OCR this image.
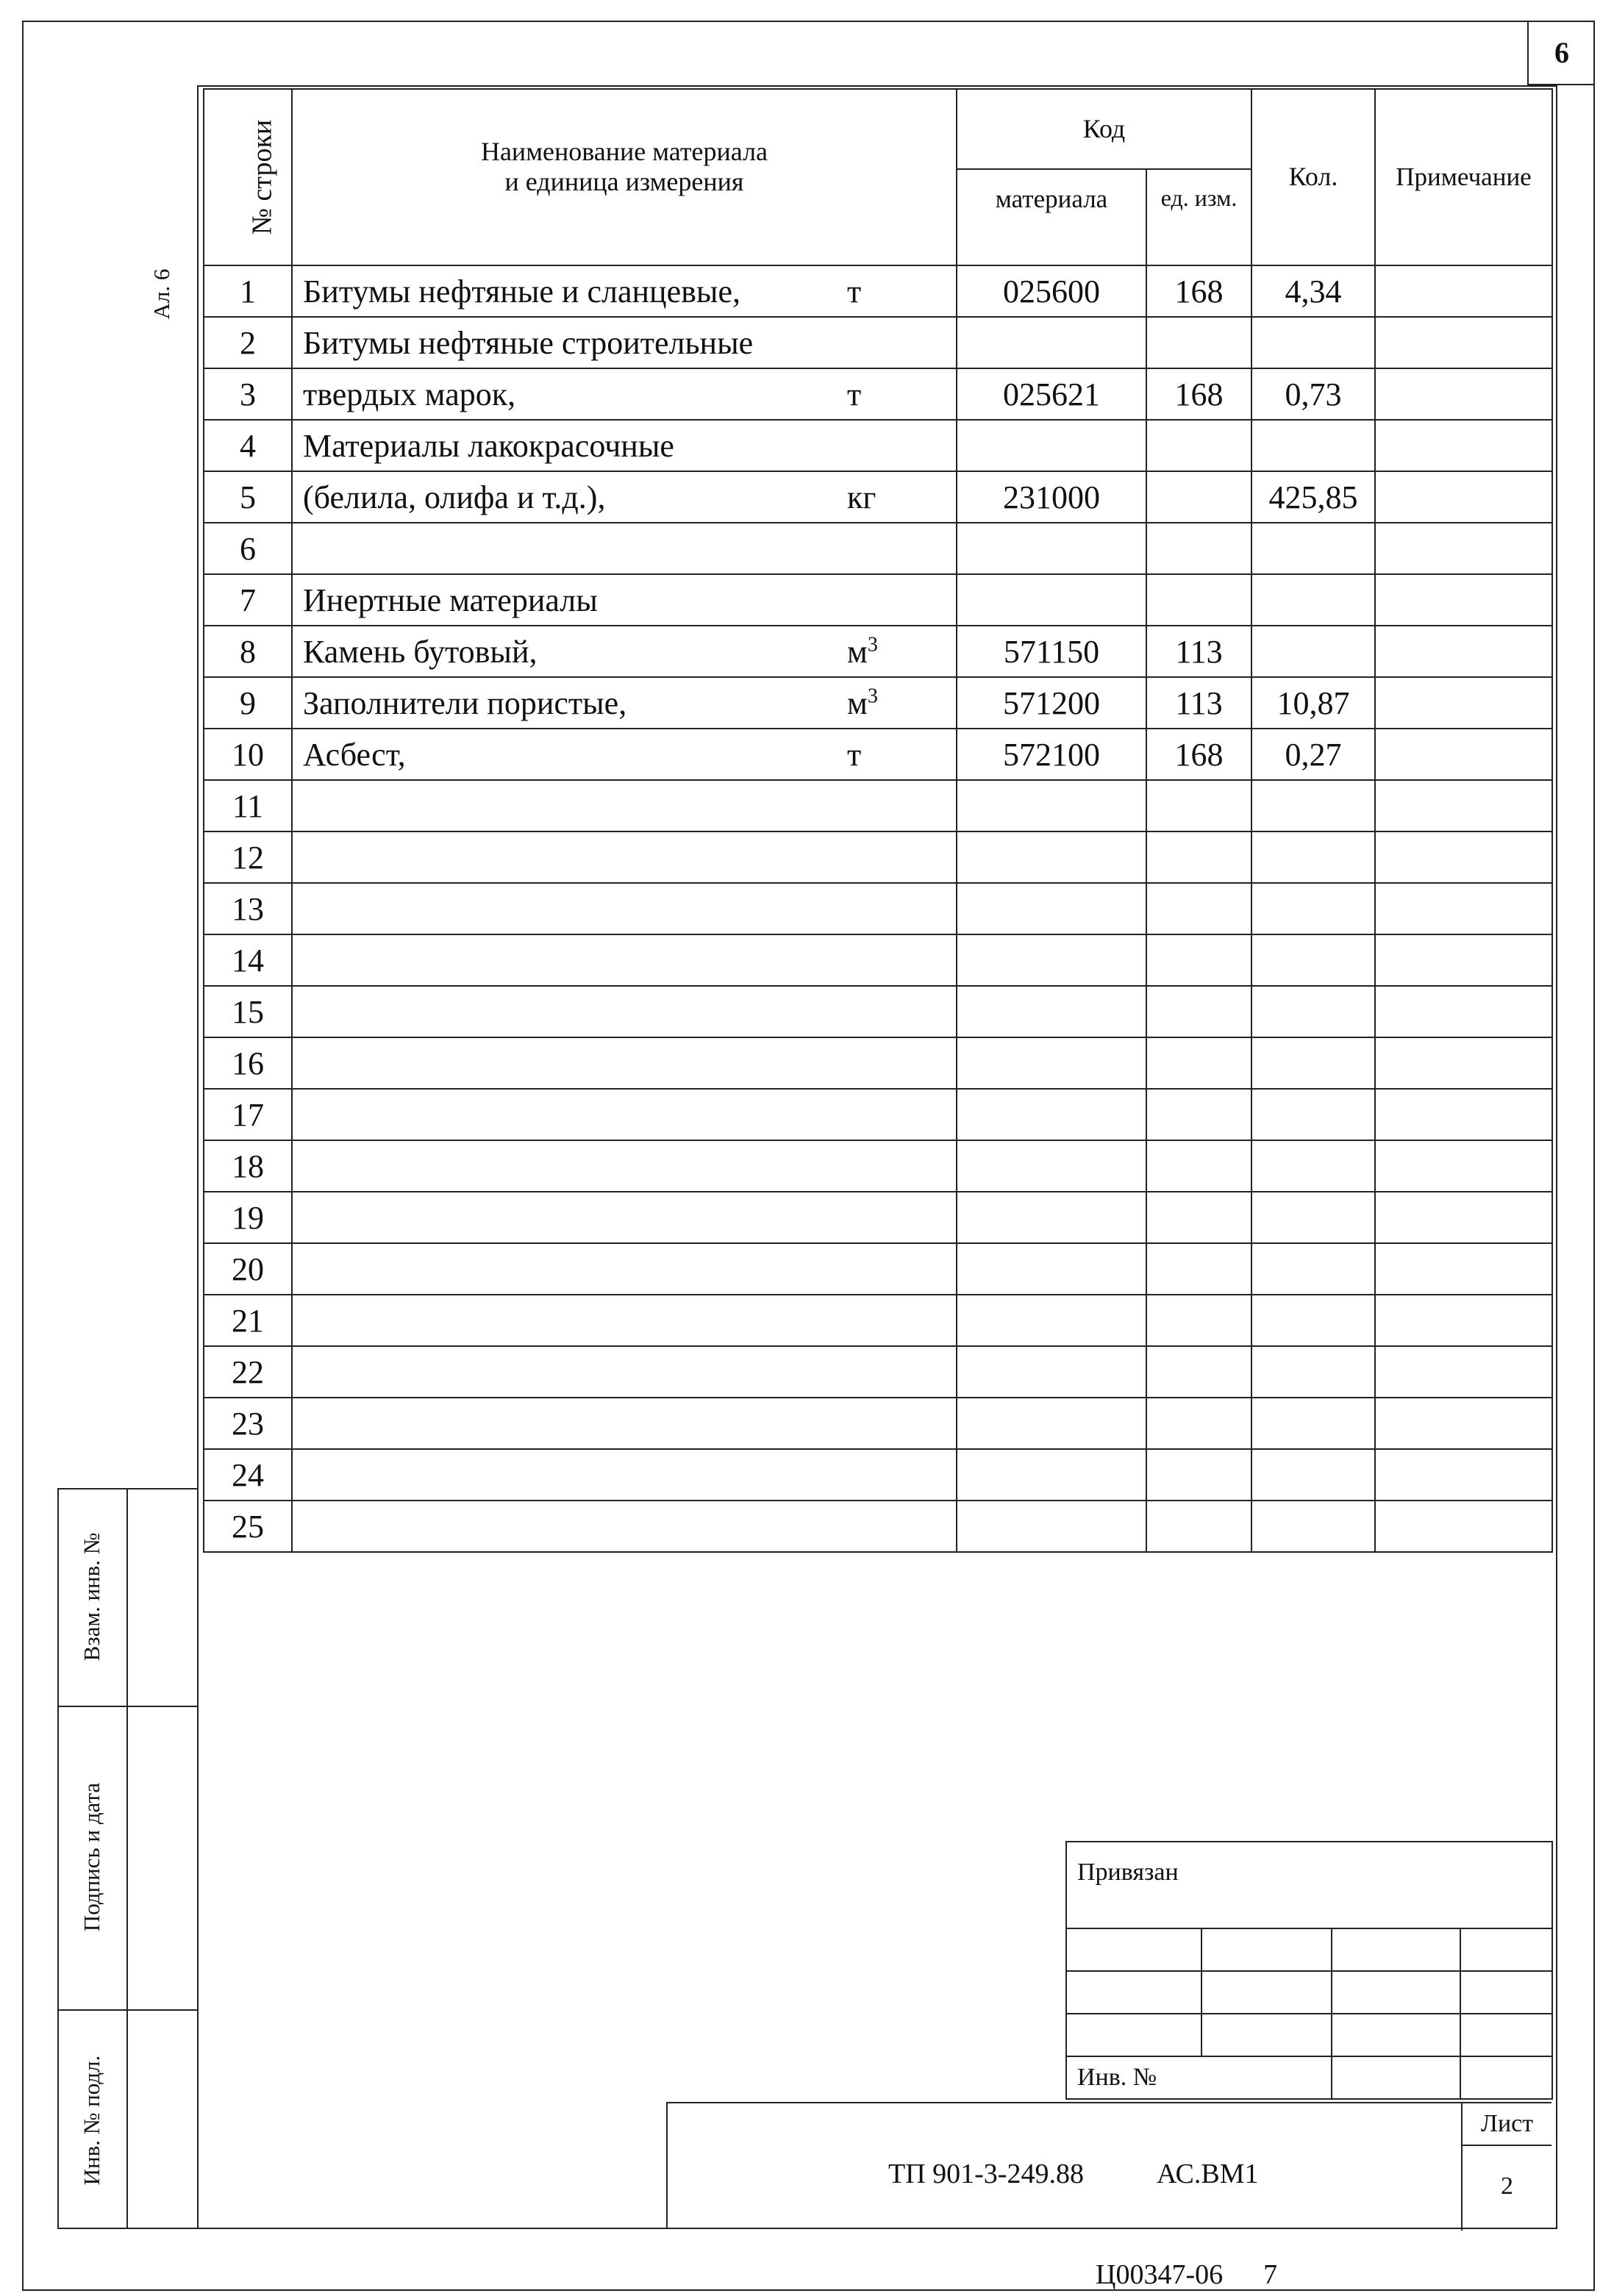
6
Ал. 6
№ строки	Наименование материала
и единица измерения	Код		Кол.	Примечание
		материала	ед. изм.		
1	Битумы нефтяные и сланцевые, т	025600	168	4,34	
2	Битумы нефтяные строительные				

3	твердых марок, т	025621	168	0,73	
4	Материалы лакокрасочные				

5	(белила, олифа и т.д.), кг	231000		425,85	
6	

7	Инертные материалы				

8	Камень бутовый, $м^3$	571150	113		
9	Заполнители пористые, $м^3$	571200	113	10,87	
10	Асбест, т	572100	168	0,27	
11	

12	

13	

14	

15	

16	

17	

18	

19	

20	

21	

22	

23	

24	

25	

Взам. инв. №
Подпись и дата
Инв. № подл.
Привязан			

Инв. №			
ТП 901-3-249.88	АС.ВМ1
Лист
2
Ц00347-06 7
